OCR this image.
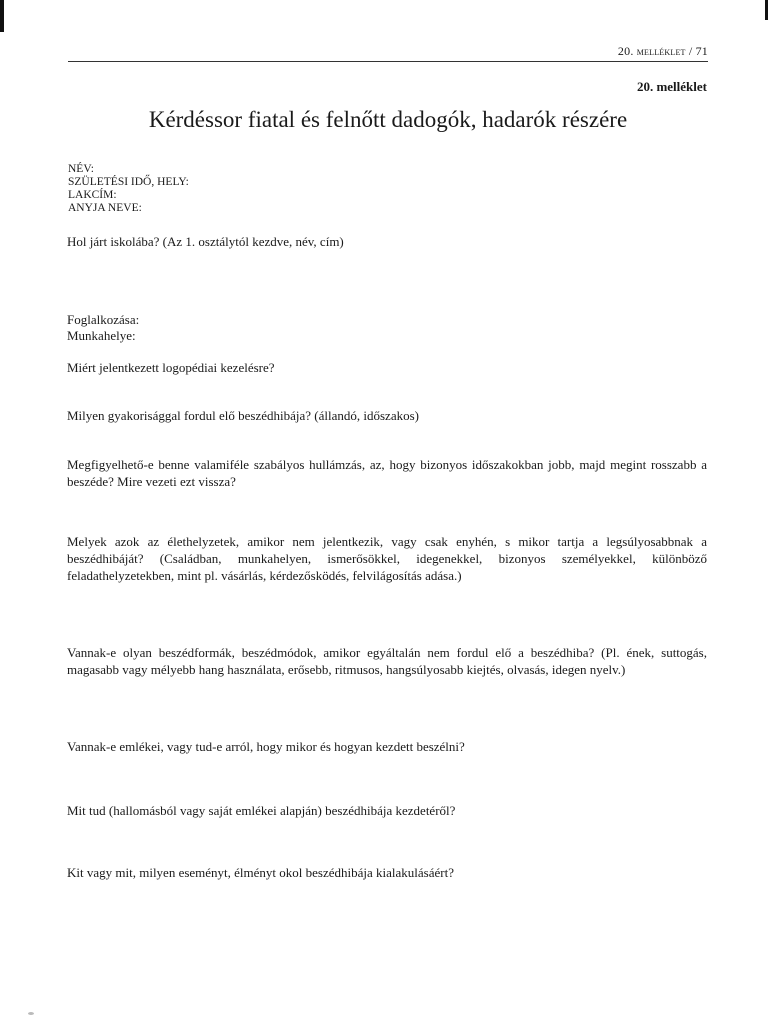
20. melléklet / 71
20. melléklet
Kérdéssor fiatal és felnőtt dadogók, hadarók részére
NÉV:
SZÜLETÉSI IDŐ, HELY:
LAKCÍM:
ANYJA NEVE:

Hol járt iskolába? (Az 1. osztálytól kezdve, név, cím)

Foglalkozása:

Munkahelye:

Miért jelentkezett logopédiai kezelésre?

Milyen gyakorisággal fordul elő beszédhibája? (állandó, időszakos)

Megfigyelhető-e benne valamiféle szabályos hullámzás, az, hogy bizonyos időszakokban jobb, majd megint rosszabb a beszéde? Mire vezeti ezt vissza?

Melyek azok az élethelyzetek, amikor nem jelentkezik, vagy csak enyhén, s mikor tartja a legsúlyosabbnak a beszédhibáját? (Családban, munkahelyen, ismerősökkel, idegenekkel, bizonyos személyekkel, különböző feladathelyzetekben, mint pl. vásárlás, kérdezősködés, felvilágosítás adása.)

Vannak-e olyan beszédformák, beszédmódok, amikor egyáltalán nem fordul elő a beszédhiba? (Pl. ének, suttogás, magasabb vagy mélyebb hang használata, erősebb, ritmusos, hangsúlyosabb kiejtés, olvasás, idegen nyelv.)

Vannak-e emlékei, vagy tud-e arról, hogy mikor és hogyan kezdett beszélni?

Mit tud (hallomásból vagy saját emlékei alapján) beszédhibája kezdetéről?

Kit vagy mit, milyen eseményt, élményt okol beszédhibája kialakulásáért?
